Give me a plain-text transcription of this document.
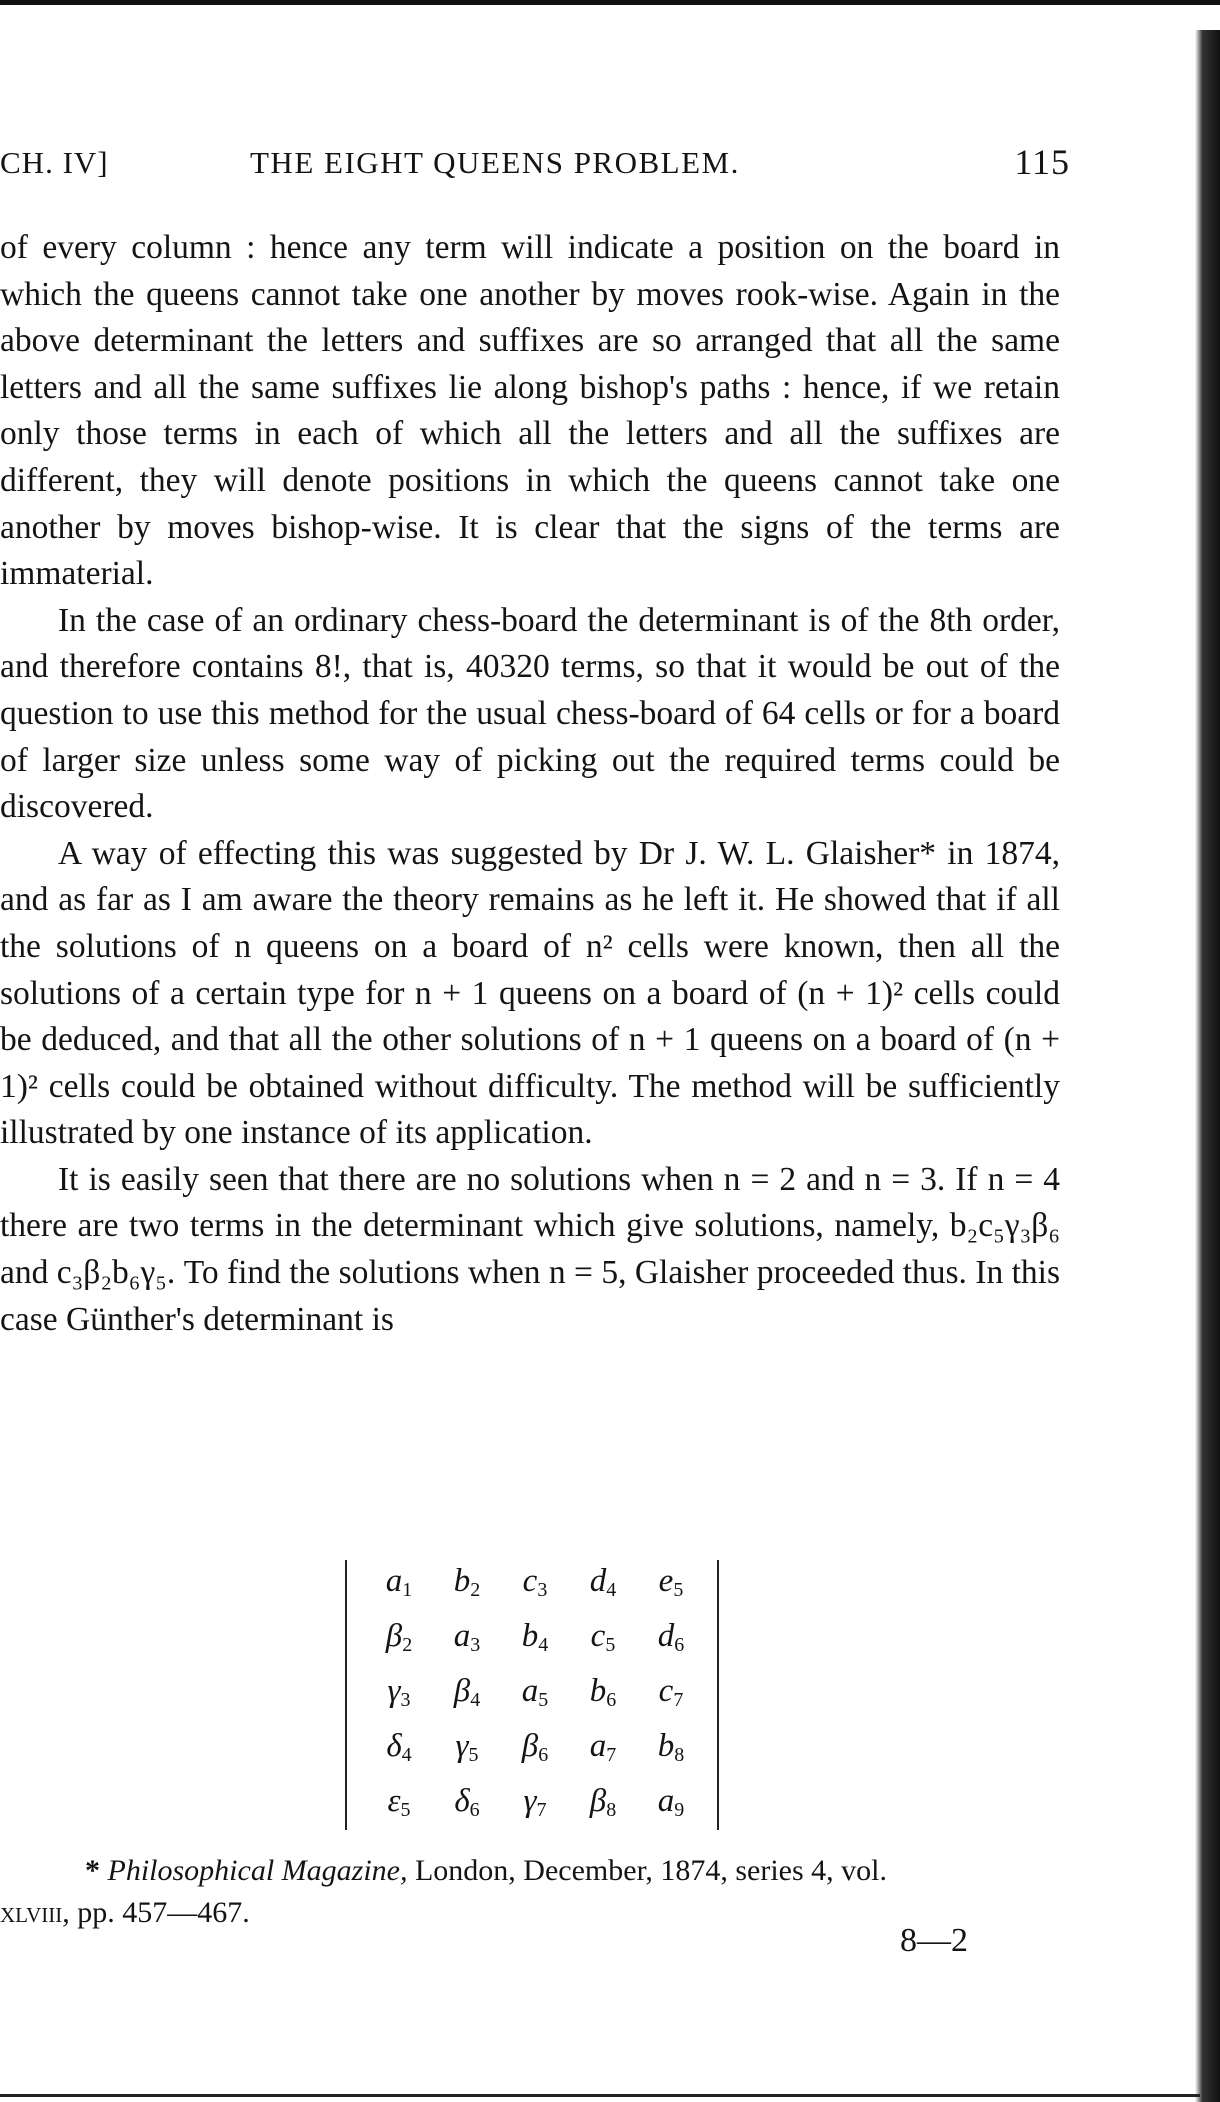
CH. IV]	THE EIGHT QUEENS PROBLEM.	115

of every column : hence any term will indicate a position on the board in which the queens cannot take one another by moves rook-wise. Again in the above determinant the letters and suffixes are so arranged that all the same letters and all the same suffixes lie along bishop's paths : hence, if we retain only those terms in each of which all the letters and all the suffixes are different, they will denote positions in which the queens cannot take one another by moves bishop-wise. It is clear that the signs of the terms are immaterial.

In the case of an ordinary chess-board the determinant is of the 8th order, and therefore contains 8!, that is, 40320 terms, so that it would be out of the question to use this method for the usual chess-board of 64 cells or for a board of larger size unless some way of picking out the required terms could be discovered.

A way of effecting this was suggested by Dr J. W. L. Glaisher* in 1874, and as far as I am aware the theory remains as he left it. He showed that if all the solutions of n queens on a board of n² cells were known, then all the solutions of a certain type for n + 1 queens on a board of (n + 1)² cells could be deduced, and that all the other solutions of n + 1 queens on a board of (n + 1)² cells could be obtained without difficulty. The method will be sufficiently illustrated by one instance of its application.

It is easily seen that there are no solutions when n = 2 and n = 3. If n = 4 there are two terms in the determinant which give solutions, namely, b₂c₅γ₃β₆ and c₃β₂b₆γ₅. To find the solutions when n = 5, Glaisher proceeded thus. In this case Günther's determinant is

$a_1$ $b_2$ $c_3$ $d_4$ $e_5$
$\beta_2$ $a_3$ $b_4$ $c_5$ $d_6$
$\gamma_3$ $\beta_4$ $a_5$ $b_6$ $c_7$
$\delta_4$ $\gamma_5$ $\beta_6$ $a_7$ $b_8$
$\varepsilon_5$ $\delta_6$ $\gamma_7$ $\beta_8$ $a_9$
* Philosophical Magazine, London, December, 1874, series 4, vol.
xlviii, pp. 457—467.
8—2
